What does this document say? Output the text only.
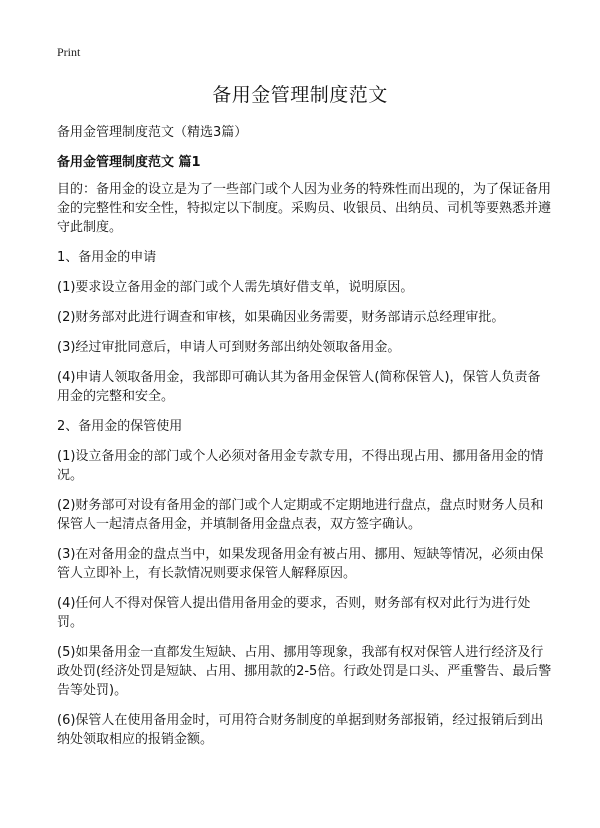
Print
备用金管理制度范文
备用金管理制度范文（精选3篇）
备用金管理制度范文 篇1

目的：备用金的设立是为了一些部门或个人因为业务的特殊性而出现的，为了保证备用金的完整性和安全性，特拟定以下制度。采购员、收银员、出纳员、司机等要熟悉并遵守此制度。

1、备用金的申请

(1)要求设立备用金的部门或个人需先填好借支单，说明原因。

(2)财务部对此进行调查和审核，如果确因业务需要，财务部请示总经理审批。

(3)经过审批同意后，申请人可到财务部出纳处领取备用金。

(4)申请人领取备用金，我部即可确认其为备用金保管人(简称保管人)，保管人负责备用金的完整和安全。

2、备用金的保管使用

(1)设立备用金的部门或个人必须对备用金专款专用，不得出现占用、挪用备用金的情况。

(2)财务部可对设有备用金的部门或个人定期或不定期地进行盘点，盘点时财务人员和保管人一起清点备用金，并填制备用金盘点表，双方签字确认。

(3)在对备用金的盘点当中，如果发现备用金有被占用、挪用、短缺等情况，必须由保管人立即补上，有长款情况则要求保管人解释原因。

(4)任何人不得对保管人提出借用备用金的要求，否则，财务部有权对此行为进行处罚。

(5)如果备用金一直都发生短缺、占用、挪用等现象，我部有权对保管人进行经济及行政处罚(经济处罚是短缺、占用、挪用款的2-5倍。行政处罚是口头、严重警告、最后警告等处罚)。

(6)保管人在使用备用金时，可用符合财务制度的单据到财务部报销，经过报销后到出纳处领取相应的报销金额。
